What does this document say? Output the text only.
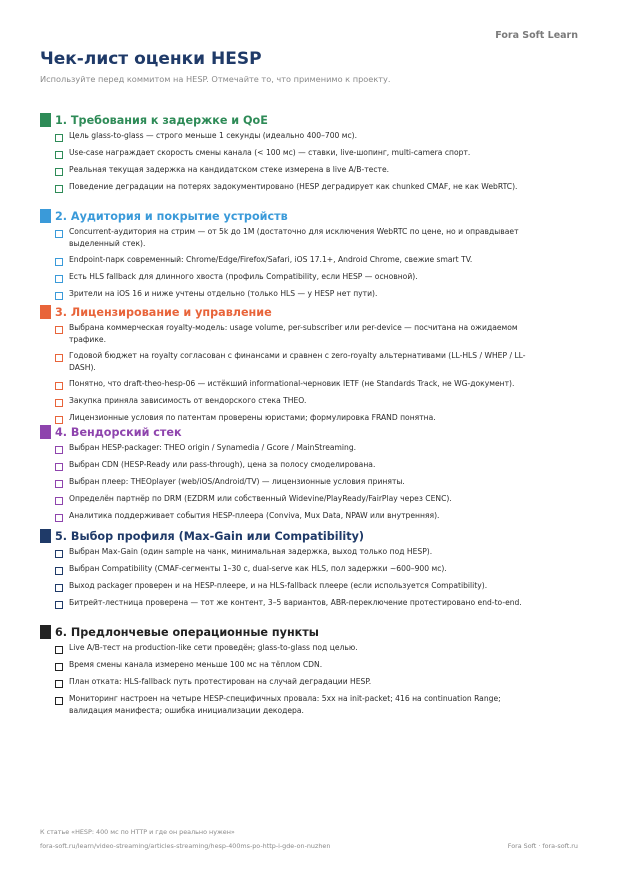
Fora Soft Learn
Чек-лист оценки HESP
Используйте перед коммитом на HESP. Отмечайте то, что применимо к проекту.
1. Требования к задержке и QoE
Цель glass-to-glass — строго меньше 1 секунды (идеально 400–700 мс).
Use-case награждает скорость смены канала (< 100 мс) — ставки, live-шопинг, multi-camera спорт.
Реальная текущая задержка на кандидатском стеке измерена в live A/B-тесте.
Поведение деградации на потерях задокументировано (HESP деградирует как chunked CMAF, не как WebRTC).
2. Аудитория и покрытие устройств
Concurrent-аудитория на стрим — от 5k до 1M (достаточно для исключения WebRTC по цене, но и оправдывает выделенный стек).
Endpoint-парк современный: Chrome/Edge/Firefox/Safari, iOS 17.1+, Android Chrome, свежие smart TV.
Есть HLS fallback для длинного хвоста (профиль Compatibility, если HESP — основной).
Зрители на iOS 16 и ниже учтены отдельно (только HLS — у HESP нет пути).
3. Лицензирование и управление
Выбрана коммерческая royalty-модель: usage volume, per-subscriber или per-device — посчитана на ожидаемом трафике.
Годовой бюджет на royalty согласован с финансами и сравнен с zero-royalty альтернативами (LL-HLS / WHEP / LL-DASH).
Понятно, что draft-theo-hesp-06 — истёкший informational-черновик IETF (не Standards Track, не WG-документ).
Закупка приняла зависимость от вендорского стека THEO.
Лицензионные условия по патентам проверены юристами; формулировка FRAND понятна.
4. Вендорский стек
Выбран HESP-packager: THEO origin / Synamedia / Gcore / MainStreaming.
Выбран CDN (HESP-Ready или pass-through), цена за полосу смоделирована.
Выбран плеер: THEOplayer (web/iOS/Android/TV) — лицензионные условия приняты.
Определён партнёр по DRM (EZDRM или собственный Widevine/PlayReady/FairPlay через CENC).
Аналитика поддерживает события HESP-плеера (Conviva, Mux Data, NPAW или внутренняя).
5. Выбор профиля (Max-Gain или Compatibility)
Выбран Max-Gain (один sample на чанк, минимальная задержка, выход только под HESP).
Выбран Compatibility (CMAF-сегменты 1–30 с, dual-serve как HLS, пол задержки ~600–900 мс).
Выход packager проверен и на HESP-плеере, и на HLS-fallback плеере (если используется Compatibility).
Битрейт-лестница проверена — тот же контент, 3–5 вариантов, ABR-переключение протестировано end-to-end.
6. Предлончевые операционные пункты
Live A/B-тест на production-like сети проведён; glass-to-glass под целью.
Время смены канала измерено меньше 100 мс на тёплом CDN.
План отката: HLS-fallback путь протестирован на случай деградации HESP.
Мониторинг настроен на четыре HESP-специфичных провала: 5xx на init-packet; 416 на continuation Range; валидация манифеста; ошибка инициализации декодера.
К статье «HESP: 400 мс по HTTP и где он реально нужен»
fora-soft.ru/learn/video-streaming/articles-streaming/hesp-400ms-po-http-i-gde-on-nuzhen	Fora Soft · fora-soft.ru
